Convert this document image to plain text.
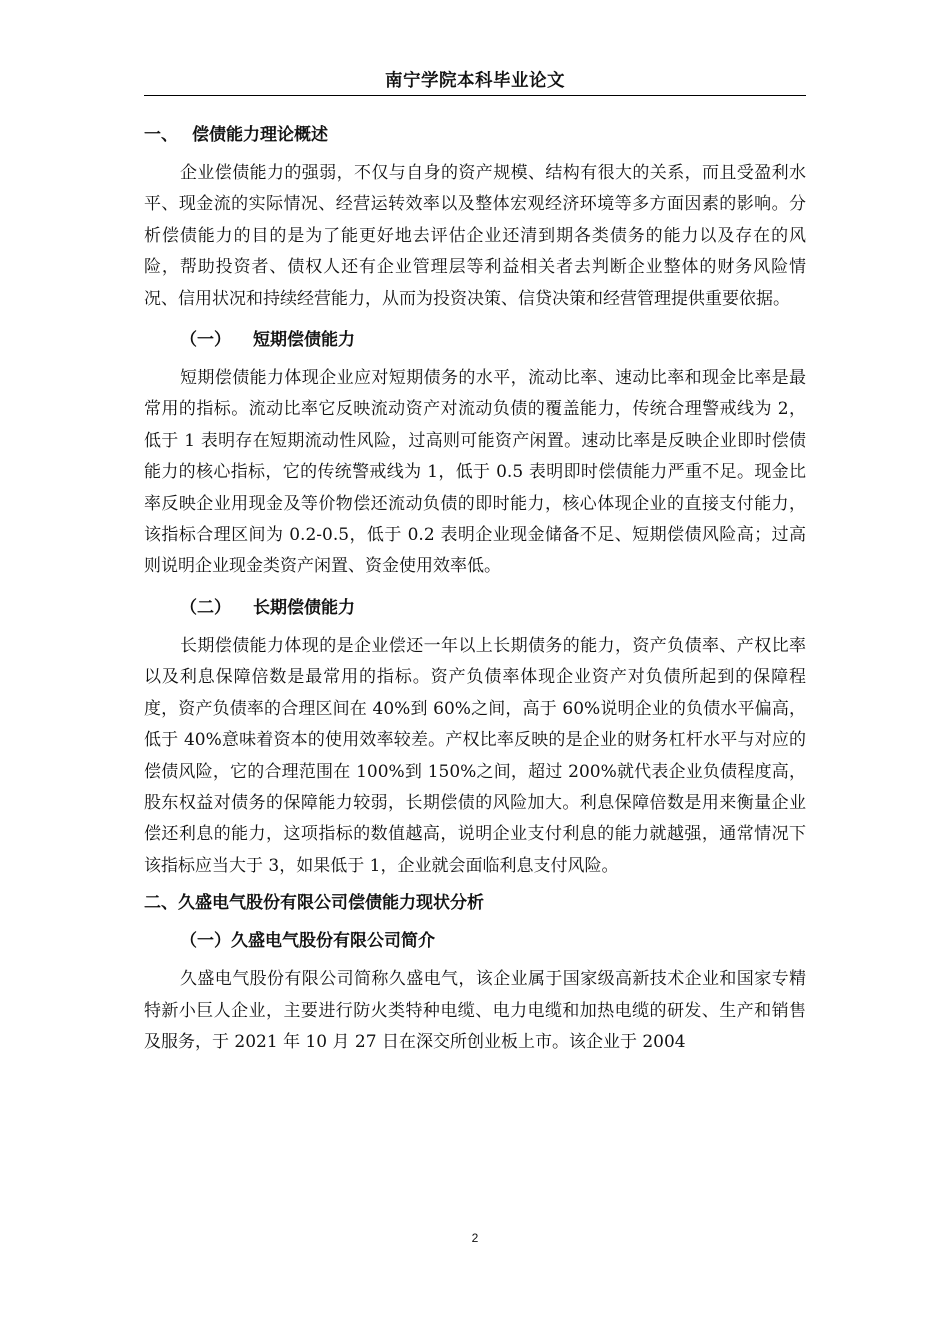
南宁学院本科毕业论文
一、 偿债能力理论概述

企业偿债能力的强弱，不仅与自身的资产规模、结构有很大的关系，而且受盈利水平、现金流的实际情况、经营运转效率以及整体宏观经济环境等多方面因素的影响。分析偿债能力的目的是为了能更好地去评估企业还清到期各类债务的能力以及存在的风险，帮助投资者、债权人还有企业管理层等利益相关者去判断企业整体的财务风险情况、信用状况和持续经营能力，从而为投资决策、信贷决策和经营管理提供重要依据。

（一） 短期偿债能力

短期偿债能力体现企业应对短期债务的水平，流动比率、速动比率和现金比率是最常用的指标。流动比率它反映流动资产对流动负债的覆盖能力，传统合理警戒线为 2，低于 1 表明存在短期流动性风险，过高则可能资产闲置。速动比率是反映企业即时偿债能力的核心指标，它的传统警戒线为 1，低于 0.5 表明即时偿债能力严重不足。现金比率反映企业用现金及等价物偿还流动负债的即时能力，核心体现企业的直接支付能力，该指标合理区间为 0.2-0.5，低于 0.2 表明企业现金储备不足、短期偿债风险高；过高则说明企业现金类资产闲置、资金使用效率低。

（二） 长期偿债能力

长期偿债能力体现的是企业偿还一年以上长期债务的能力，资产负债率、产权比率以及利息保障倍数是最常用的指标。资产负债率体现企业资产对负债所起到的保障程度，资产负债率的合理区间在 40%到 60%之间，高于 60%说明企业的负债水平偏高，低于 40%意味着资本的使用效率较差。产权比率反映的是企业的财务杠杆水平与对应的偿债风险，它的合理范围在 100%到 150%之间，超过 200%就代表企业负债程度高，股东权益对债务的保障能力较弱，长期偿债的风险加大。利息保障倍数是用来衡量企业偿还利息的能力，这项指标的数值越高，说明企业支付利息的能力就越强，通常情况下该指标应当大于 3，如果低于 1，企业就会面临利息支付风险。

二、久盛电气股份有限公司偿债能力现状分析
（一）久盛电气股份有限公司简介

久盛电气股份有限公司简称久盛电气，该企业属于国家级高新技术企业和国家专精特新小巨人企业，主要进行防火类特种电缆、电力电缆和加热电缆的研发、生产和销售及服务，于 2021 年 10 月 27 日在深交所创业板上市。该企业于 2004

2
